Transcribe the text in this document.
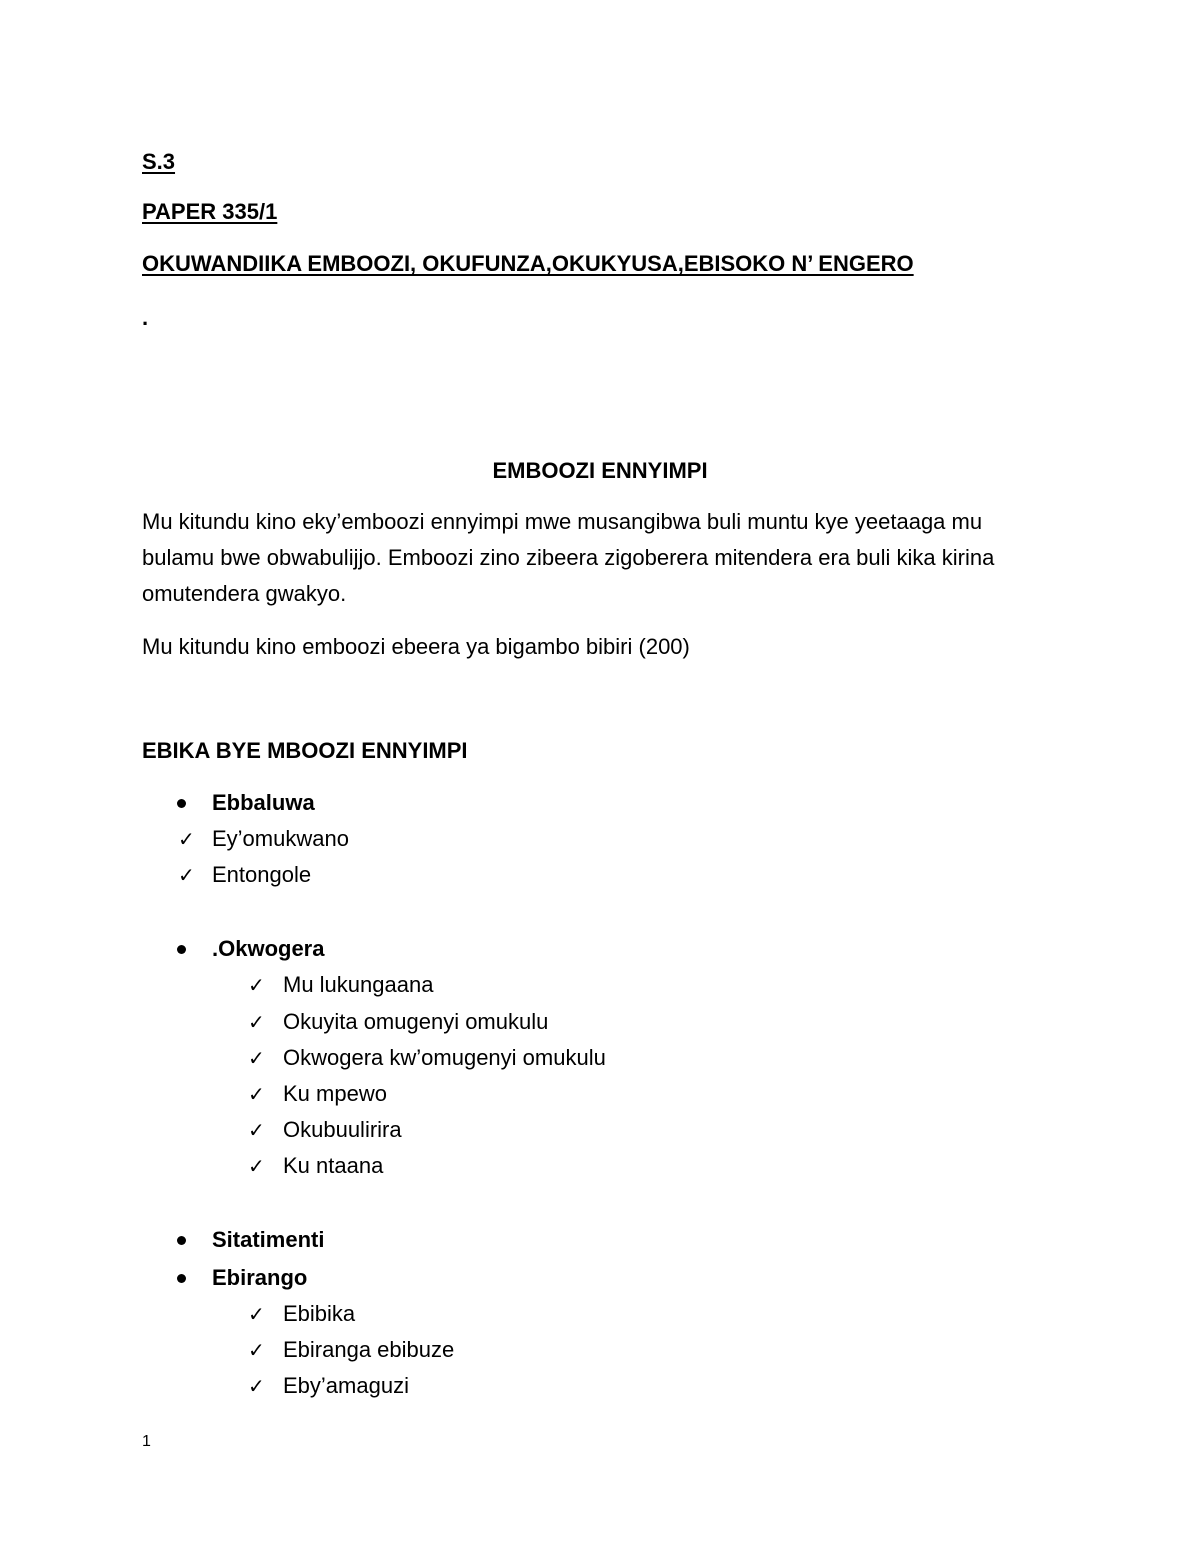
S.3
PAPER 335/1
OKUWANDIIKA EMBOOZI, OKUFUNZA,OKUKYUSA,EBISOKO N’ ENGERO
.
EMBOOZI ENNYIMPI
Mu kitundu kino eky’emboozi ennyimpi mwe musangibwa buli muntu kye yeetaaga mu bulamu bwe obwabulijjo. Emboozi zino zibeera zigoberera mitendera era buli kika kirina omutendera gwakyo.
Mu kitundu kino emboozi ebeera ya bigambo bibiri (200)
EBIKA BYE MBOOZI ENNYIMPI
Ebbaluwa
✓ Ey’omukwano
✓ Entongole
.Okwogera
✓ Mu lukungaana
✓ Okuyita omugenyi omukulu
✓ Okwogera kw’omugenyi omukulu
✓ Ku mpewo
✓ Okubuulirira
✓ Ku ntaana
Sitatimenti
Ebirango
✓ Ebibika
✓ Ebiranga ebibuze
✓ Eby’amaguzi
1
